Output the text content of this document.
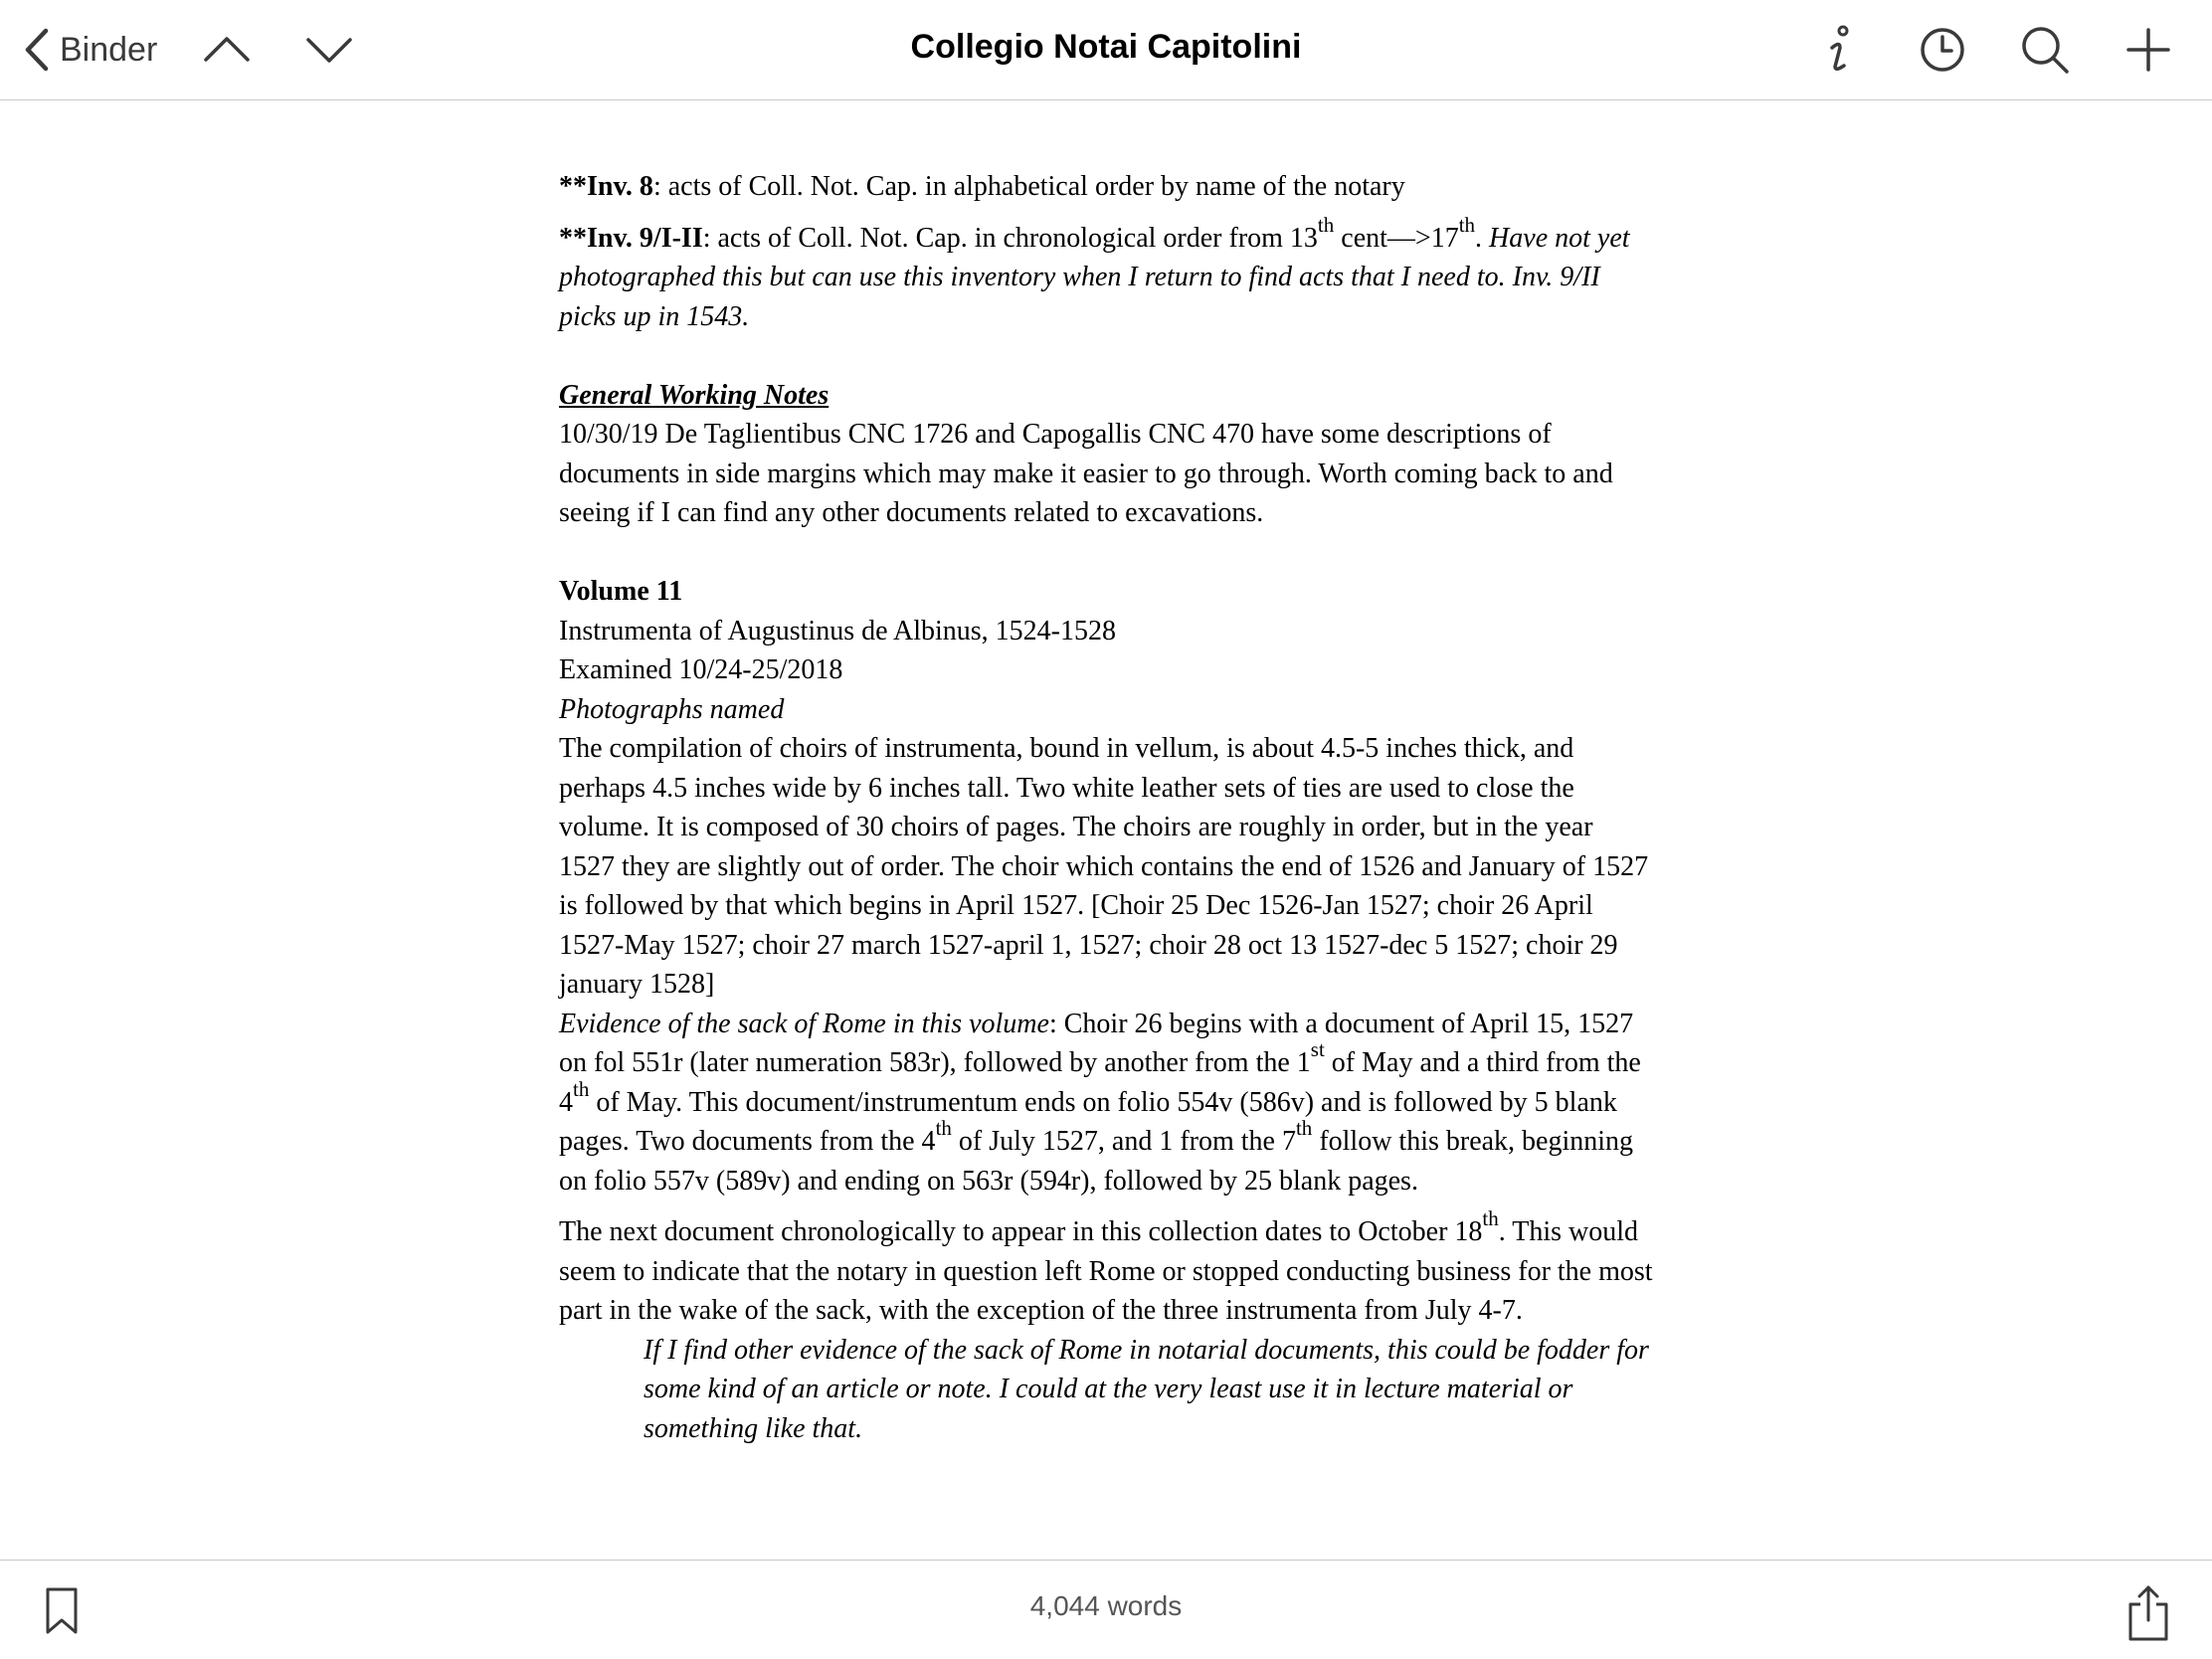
Binder	Collegio Notai Capitolini

**Inv. 8: acts of Coll. Not. Cap. in alphabetical order by name of the notary

**Inv. 9/I-II: acts of Coll. Not. Cap. in chronological order from 13th cent—>17th. Have not yet photographed this but can use this inventory when I return to find acts that I need to. Inv. 9/II picks up in 1543.

General Working Notes

10/30/19 De Taglientibus CNC 1726 and Capogallis CNC 470 have some descriptions of documents in side margins which may make it easier to go through. Worth coming back to and seeing if I can find any other documents related to excavations.

Volume 11

Instrumenta of Augustinus de Albinus, 1524-1528

Examined 10/24-25/2018

Photographs named

The compilation of choirs of instrumenta, bound in vellum, is about 4.5-5 inches thick, and perhaps 4.5 inches wide by 6 inches tall. Two white leather sets of ties are used to close the volume. It is composed of 30 choirs of pages. The choirs are roughly in order, but in the year 1527 they are slightly out of order. The choir which contains the end of 1526 and January of 1527 is followed by that which begins in April 1527. [Choir 25 Dec 1526-Jan 1527; choir 26 April 1527-May 1527; choir 27 march 1527-april 1, 1527; choir 28 oct 13 1527-dec 5 1527; choir 29 january 1528]

Evidence of the sack of Rome in this volume: Choir 26 begins with a document of April 15, 1527 on fol 551r (later numeration 583r), followed by another from the 1st of May and a third from the 4th of May. This document/instrumentum ends on folio 554v (586v) and is followed by 5 blank pages. Two documents from the 4th of July 1527, and 1 from the 7th follow this break, beginning on folio 557v (589v) and ending on 563r (594r), followed by 25 blank pages.

The next document chronologically to appear in this collection dates to October 18th. This would seem to indicate that the notary in question left Rome or stopped conducting business for the most part in the wake of the sack, with the exception of the three instrumenta from July 4-7.

If I find other evidence of the sack of Rome in notarial documents, this could be fodder for some kind of an article or note. I could at the very least use it in lecture material or something like that.

4,044 words
